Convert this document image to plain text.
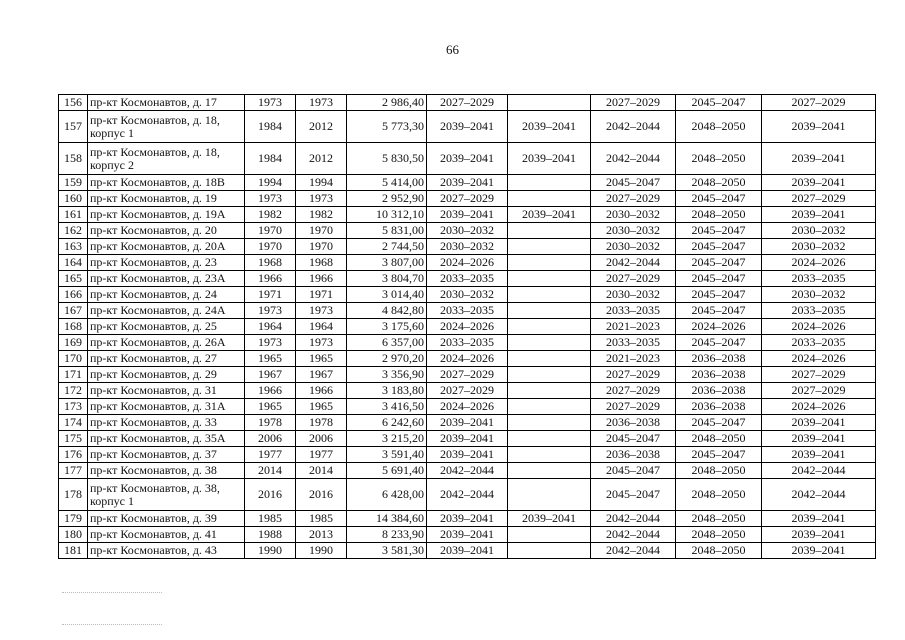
66
156	пр-кт Космонавтов, д. 17	1973	1973	2 986,40	2027–2029		2027–2029	2045–2047	2027–2029
157	пр-кт Космонавтов, д. 18, корпус 1	1984	2012	5 773,30	2039–2041	2039–2041	2042–2044	2048–2050	2039–2041
158	пр-кт Космонавтов, д. 18, корпус 2	1984	2012	5 830,50	2039–2041	2039–2041	2042–2044	2048–2050	2039–2041
159	пр-кт Космонавтов, д. 18В	1994	1994	5 414,00	2039–2041		2045–2047	2048–2050	2039–2041
160	пр-кт Космонавтов, д. 19	1973	1973	2 952,90	2027–2029		2027–2029	2045–2047	2027–2029
161	пр-кт Космонавтов, д. 19А	1982	1982	10 312,10	2039–2041	2039–2041	2030–2032	2048–2050	2039–2041
162	пр-кт Космонавтов, д. 20	1970	1970	5 831,00	2030–2032		2030–2032	2045–2047	2030–2032
163	пр-кт Космонавтов, д. 20А	1970	1970	2 744,50	2030–2032		2030–2032	2045–2047	2030–2032
164	пр-кт Космонавтов, д. 23	1968	1968	3 807,00	2024–2026		2042–2044	2045–2047	2024–2026
165	пр-кт Космонавтов, д. 23А	1966	1966	3 804,70	2033–2035		2027–2029	2045–2047	2033–2035
166	пр-кт Космонавтов, д. 24	1971	1971	3 014,40	2030–2032		2030–2032	2045–2047	2030–2032
167	пр-кт Космонавтов, д. 24А	1973	1973	4 842,80	2033–2035		2033–2035	2045–2047	2033–2035
168	пр-кт Космонавтов, д. 25	1964	1964	3 175,60	2024–2026		2021–2023	2024–2026	2024–2026
169	пр-кт Космонавтов, д. 26А	1973	1973	6 357,00	2033–2035		2033–2035	2045–2047	2033–2035
170	пр-кт Космонавтов, д. 27	1965	1965	2 970,20	2024–2026		2021–2023	2036–2038	2024–2026
171	пр-кт Космонавтов, д. 29	1967	1967	3 356,90	2027–2029		2027–2029	2036–2038	2027–2029
172	пр-кт Космонавтов, д. 31	1966	1966	3 183,80	2027–2029		2027–2029	2036–2038	2027–2029
173	пр-кт Космонавтов, д. 31А	1965	1965	3 416,50	2024–2026		2027–2029	2036–2038	2024–2026
174	пр-кт Космонавтов, д. 33	1978	1978	6 242,60	2039–2041		2036–2038	2045–2047	2039–2041
175	пр-кт Космонавтов, д. 35А	2006	2006	3 215,20	2039–2041		2045–2047	2048–2050	2039–2041
176	пр-кт Космонавтов, д. 37	1977	1977	3 591,40	2039–2041		2036–2038	2045–2047	2039–2041
177	пр-кт Космонавтов, д. 38	2014	2014	5 691,40	2042–2044		2045–2047	2048–2050	2042–2044
178	пр-кт Космонавтов, д. 38, корпус 1	2016	2016	6 428,00	2042–2044		2045–2047	2048–2050	2042–2044
179	пр-кт Космонавтов, д. 39	1985	1985	14 384,60	2039–2041	2039–2041	2042–2044	2048–2050	2039–2041
180	пр-кт Космонавтов, д. 41	1988	2013	8 233,90	2039–2041		2042–2044	2048–2050	2039–2041
181	пр-кт Космонавтов, д. 43	1990	1990	3 581,30	2039–2041		2042–2044	2048–2050	2039–2041
